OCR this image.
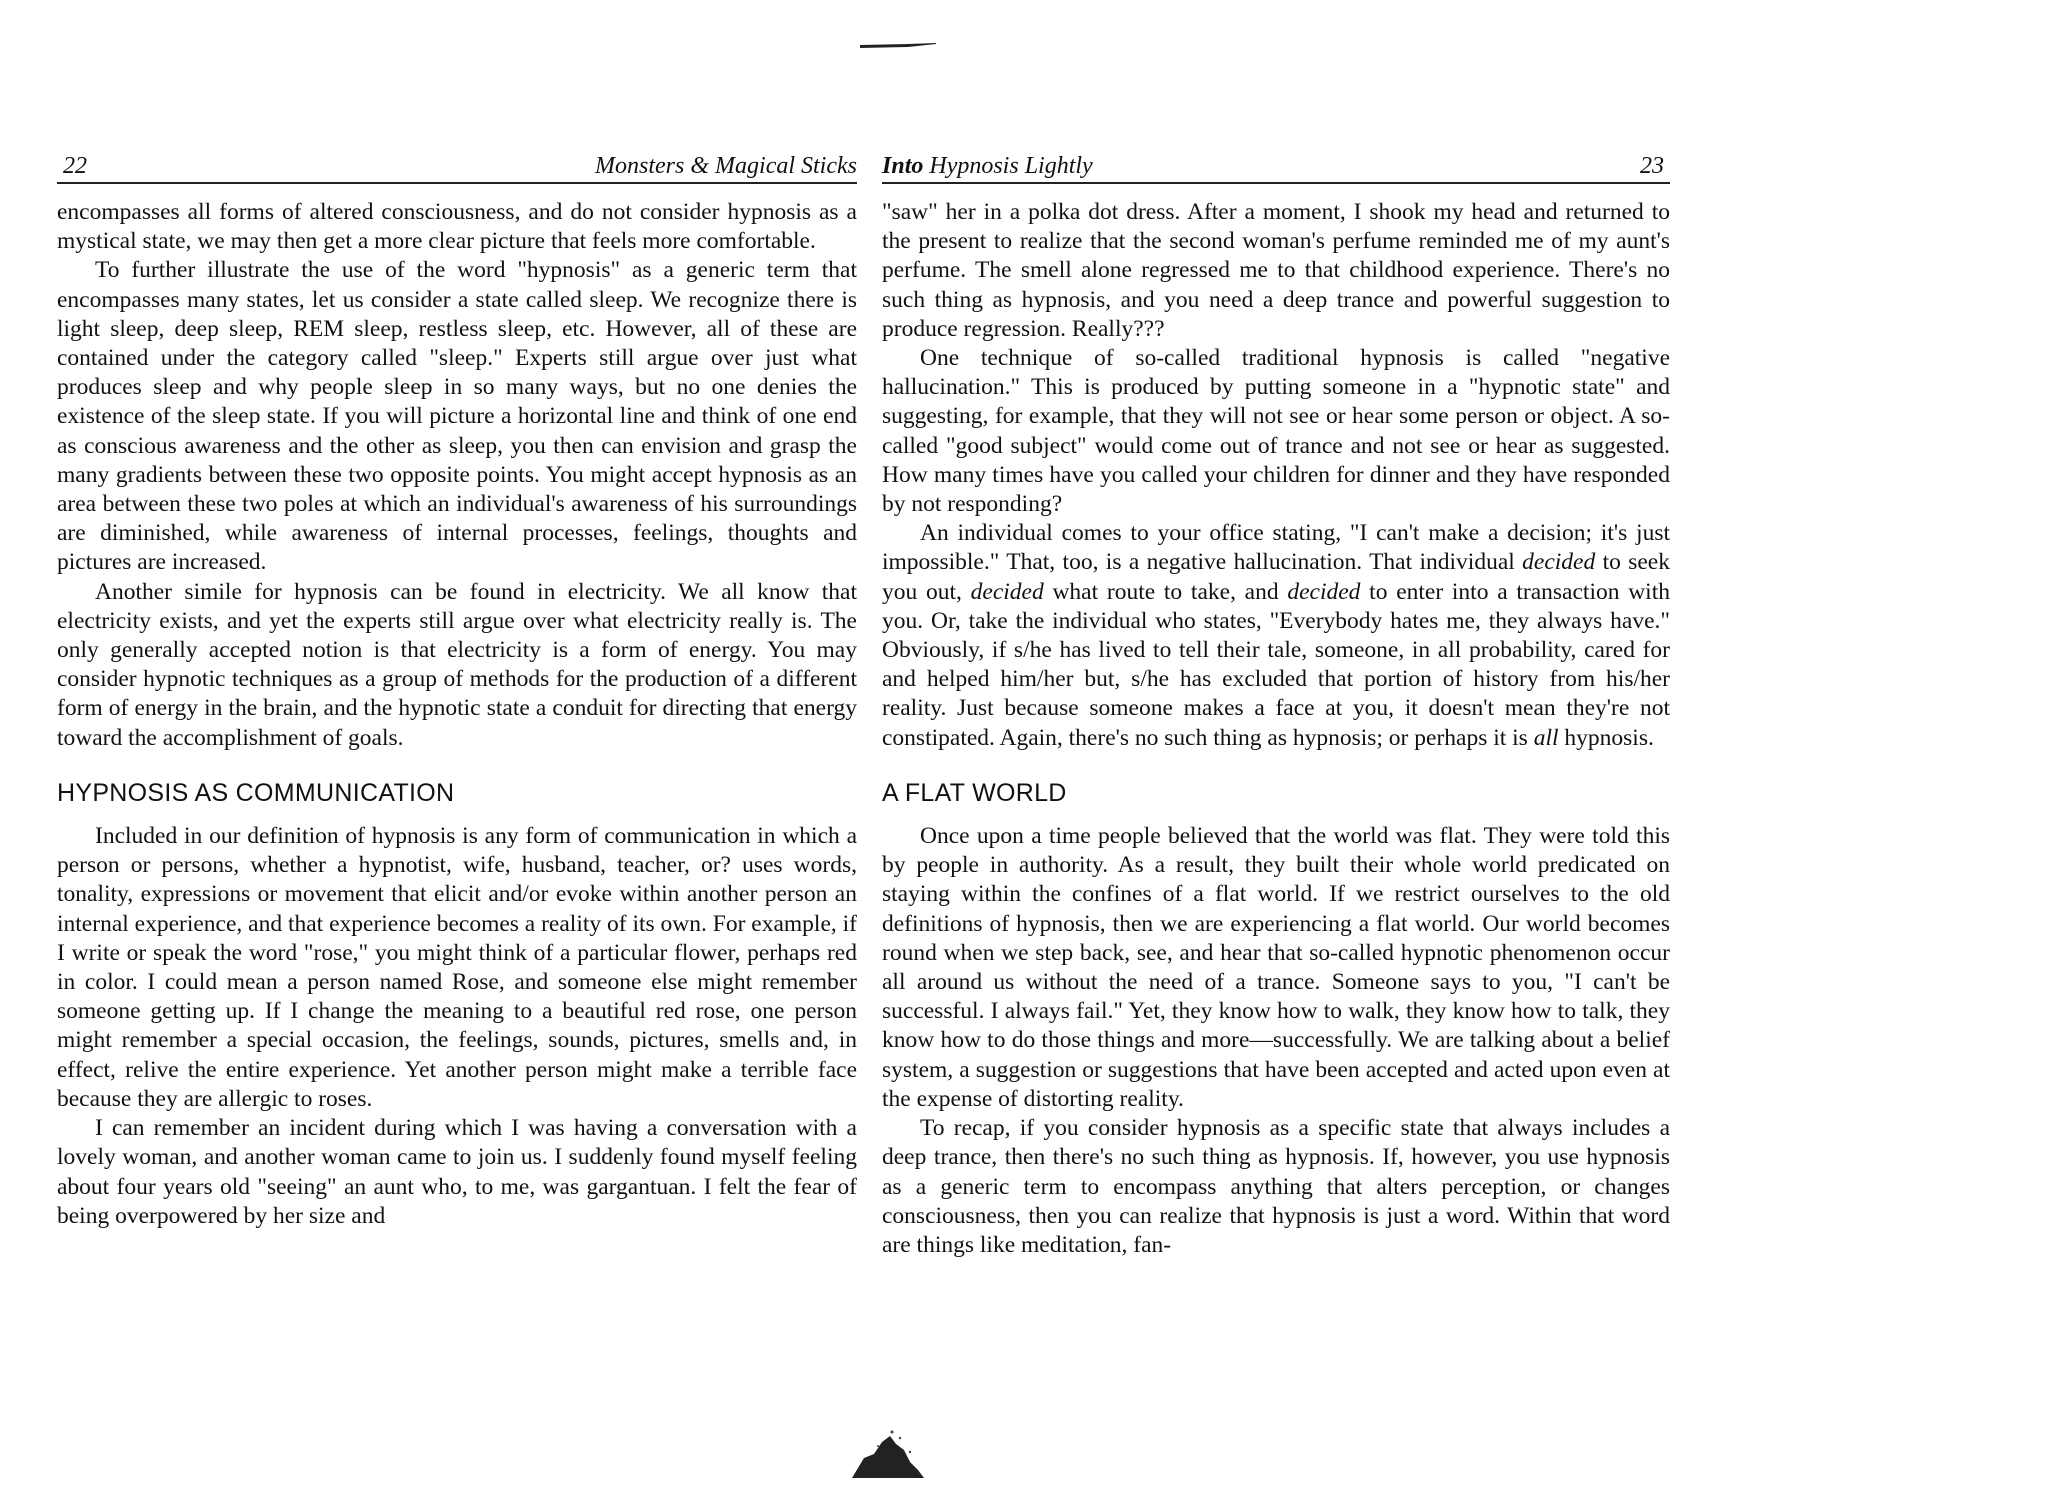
22	Monsters & Magical Sticks

encompasses all forms of altered consciousness, and do not consider hypnosis as a mystical state, we may then get a more clear picture that feels more comfortable.

To further illustrate the use of the word "hypnosis" as a generic term that encompasses many states, let us consider a state called sleep. We recognize there is light sleep, deep sleep, REM sleep, restless sleep, etc. However, all of these are contained under the category called "sleep." Experts still argue over just what produces sleep and why people sleep in so many ways, but no one denies the existence of the sleep state. If you will picture a horizontal line and think of one end as conscious awareness and the other as sleep, you then can envision and grasp the many gradients between these two opposite points. You might accept hypnosis as an area between these two poles at which an individual's awareness of his surroundings are diminished, while awareness of internal processes, feelings, thoughts and pictures are increased.

Another simile for hypnosis can be found in electricity. We all know that electricity exists, and yet the experts still argue over what electricity really is. The only generally accepted notion is that electricity is a form of energy. You may consider hypnotic techniques as a group of methods for the production of a different form of energy in the brain, and the hypnotic state a conduit for directing that energy toward the accomplishment of goals.

HYPNOSIS AS COMMUNICATION

Included in our definition of hypnosis is any form of communication in which a person or persons, whether a hypnotist, wife, husband, teacher, or? uses words, tonality, expressions or movement that elicit and/or evoke within another person an internal experience, and that experience becomes a reality of its own. For example, if I write or speak the word "rose," you might think of a particular flower, perhaps red in color. I could mean a person named Rose, and someone else might remember someone getting up. If I change the meaning to a beautiful red rose, one person might remember a special occasion, the feelings, sounds, pictures, smells and, in effect, relive the entire experience. Yet another person might make a terrible face because they are allergic to roses.

I can remember an incident during which I was having a conversation with a lovely woman, and another woman came to join us. I suddenly found myself feeling about four years old "seeing" an aunt who, to me, was gargantuan. I felt the fear of being overpowered by her size and

Into Hypnosis Lightly	23

"saw" her in a polka dot dress. After a moment, I shook my head and returned to the present to realize that the second woman's perfume reminded me of my aunt's perfume. The smell alone regressed me to that childhood experience. There's no such thing as hypnosis, and you need a deep trance and powerful suggestion to produce regression. Really???

One technique of so-called traditional hypnosis is called "negative hallucination." This is produced by putting someone in a "hypnotic state" and suggesting, for example, that they will not see or hear some person or object. A so-called "good subject" would come out of trance and not see or hear as suggested. How many times have you called your children for dinner and they have responded by not responding?

An individual comes to your office stating, "I can't make a decision; it's just impossible." That, too, is a negative hallucination. That individual decided to seek you out, decided what route to take, and decided to enter into a transaction with you. Or, take the individual who states, "Everybody hates me, they always have." Obviously, if s/he has lived to tell their tale, someone, in all probability, cared for and helped him/her but, s/he has excluded that portion of history from his/her reality. Just because someone makes a face at you, it doesn't mean they're not constipated. Again, there's no such thing as hypnosis; or perhaps it is all hypnosis.

A FLAT WORLD

Once upon a time people believed that the world was flat. They were told this by people in authority. As a result, they built their whole world predicated on staying within the confines of a flat world. If we restrict ourselves to the old definitions of hypnosis, then we are experiencing a flat world. Our world becomes round when we step back, see, and hear that so-called hypnotic phenomenon occur all around us without the need of a trance. Someone says to you, "I can't be successful. I always fail." Yet, they know how to walk, they know how to talk, they know how to do those things and more—successfully. We are talking about a belief system, a suggestion or suggestions that have been accepted and acted upon even at the expense of distorting reality.

To recap, if you consider hypnosis as a specific state that always includes a deep trance, then there's no such thing as hypnosis. If, however, you use hypnosis as a generic term to encompass anything that alters perception, or changes consciousness, then you can realize that hypnosis is just a word. Within that word are things like meditation, fan-
